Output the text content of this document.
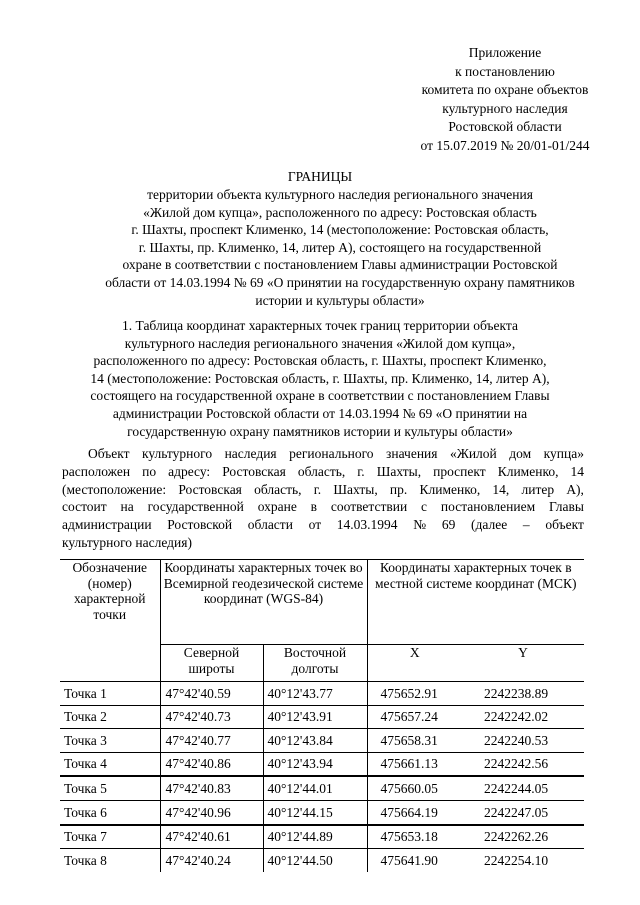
Приложение
к постановлению
комитета по охране объектов
культурного наследия
Ростовской области
от 15.07.2019 № 20/01-01/244
ГРАНИЦЫ
территории объекта культурного наследия регионального значения
«Жилой дом купца», расположенного по адресу: Ростовская область
г. Шахты, проспект Клименко, 14 (местоположение: Ростовская область,
г. Шахты, пр. Клименко, 14, литер А), состоящего на государственной
охране в соответствии с постановлением Главы администрации Ростовской
области от 14.03.1994 № 69 «О принятии на государственную охрану памятников
истории и культуры области»
1. Таблица координат характерных точек границ территории объекта
культурного наследия регионального значения «Жилой дом купца»,
расположенного по адресу: Ростовская область, г. Шахты, проспект Клименко,
14 (местоположение: Ростовская область, г. Шахты, пр. Клименко, 14, литер А),
состоящего на государственной охране в соответствии с постановлением Главы
администрации Ростовской области от 14.03.1994 № 69 «О принятии на
государственную охрану памятников истории и культуры области»
Объект культурного наследия регионального значения «Жилой дом купца»
расположен по адресу: Ростовская область, г. Шахты, проспект Клименко, 14
(местоположение: Ростовская область, г. Шахты, пр. Клименко, 14, литер А),
состоит на государственной охране в соответствии с постановлением Главы
администрации Ростовской области от 14.03.1994 № 69 (далее – объект
культурного наследия)
Обозначение (номер) характерной точки	Координаты характерных точек во Всемирной геодезической системе координат (WGS-84)		Координаты характерных точек в местной системе координат (МСК)	
	Северной широты	Восточной долготы	X	Y
Точка 1	47°42'40.59	40°12'43.77	475652.91	2242238.89
Точка 2	47°42'40.73	40°12'43.91	475657.24	2242242.02
Точка 3	47°42'40.77	40°12'43.84	475658.31	2242240.53
Точка 4	47°42'40.86	40°12'43.94	475661.13	2242242.56
Точка 5	47°42'40.83	40°12'44.01	475660.05	2242244.05
Точка 6	47°42'40.96	40°12'44.15	475664.19	2242247.05
Точка 7	47°42'40.61	40°12'44.89	475653.18	2242262.26
Точка 8	47°42'40.24	40°12'44.50	475641.90	2242254.10
